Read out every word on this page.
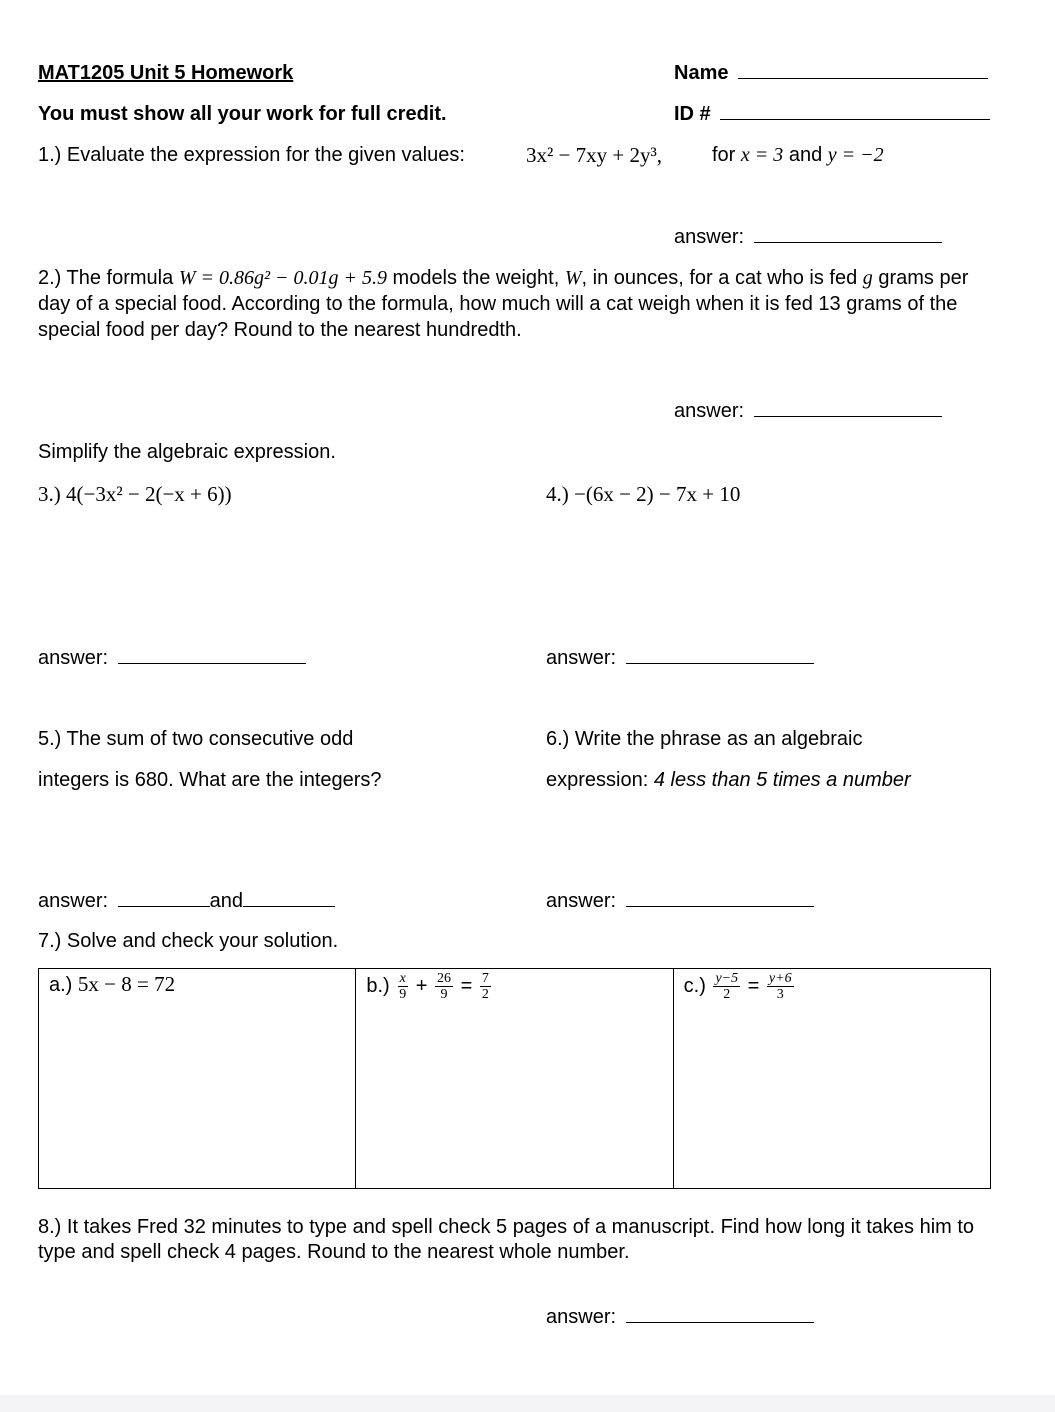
MAT1205 Unit 5 Homework	Name
You must show all your work for full credit.	ID #
1.) Evaluate the expression for the given values:	3x² − 7xy + 2y³, for x = 3 and y = −2
answer:
2.) The formula W = 0.86g² − 0.01g + 5.9 models the weight, W, in ounces, for a cat who is fed g grams per day of a special food. According to the formula, how much will a cat weigh when it is fed 13 grams of the special food per day? Round to the nearest hundredth.
answer:
Simplify the algebraic expression.
3.) 4(−3x² − 2(−x + 6))	4.) −(6x − 2) − 7x + 10
answer:	answer:
5.) The sum of two consecutive odd
integers is 680. What are the integers?
6.) Write the phrase as an algebraic
expression: 4 less than 5 times a number
answer:	and	answer:
7.) Solve and check your solution.
a.) 5x − 8 = 72	$b.) \frac{x}{9} + \frac{26}{9} = \frac{7}{2}$	$c.) \frac{y-5}{2} = \frac{y+6}{3}$
8.) It takes Fred 32 minutes to type and spell check 5 pages of a manuscript. Find how long it takes him to type and spell check 4 pages. Round to the nearest whole number.
answer:
